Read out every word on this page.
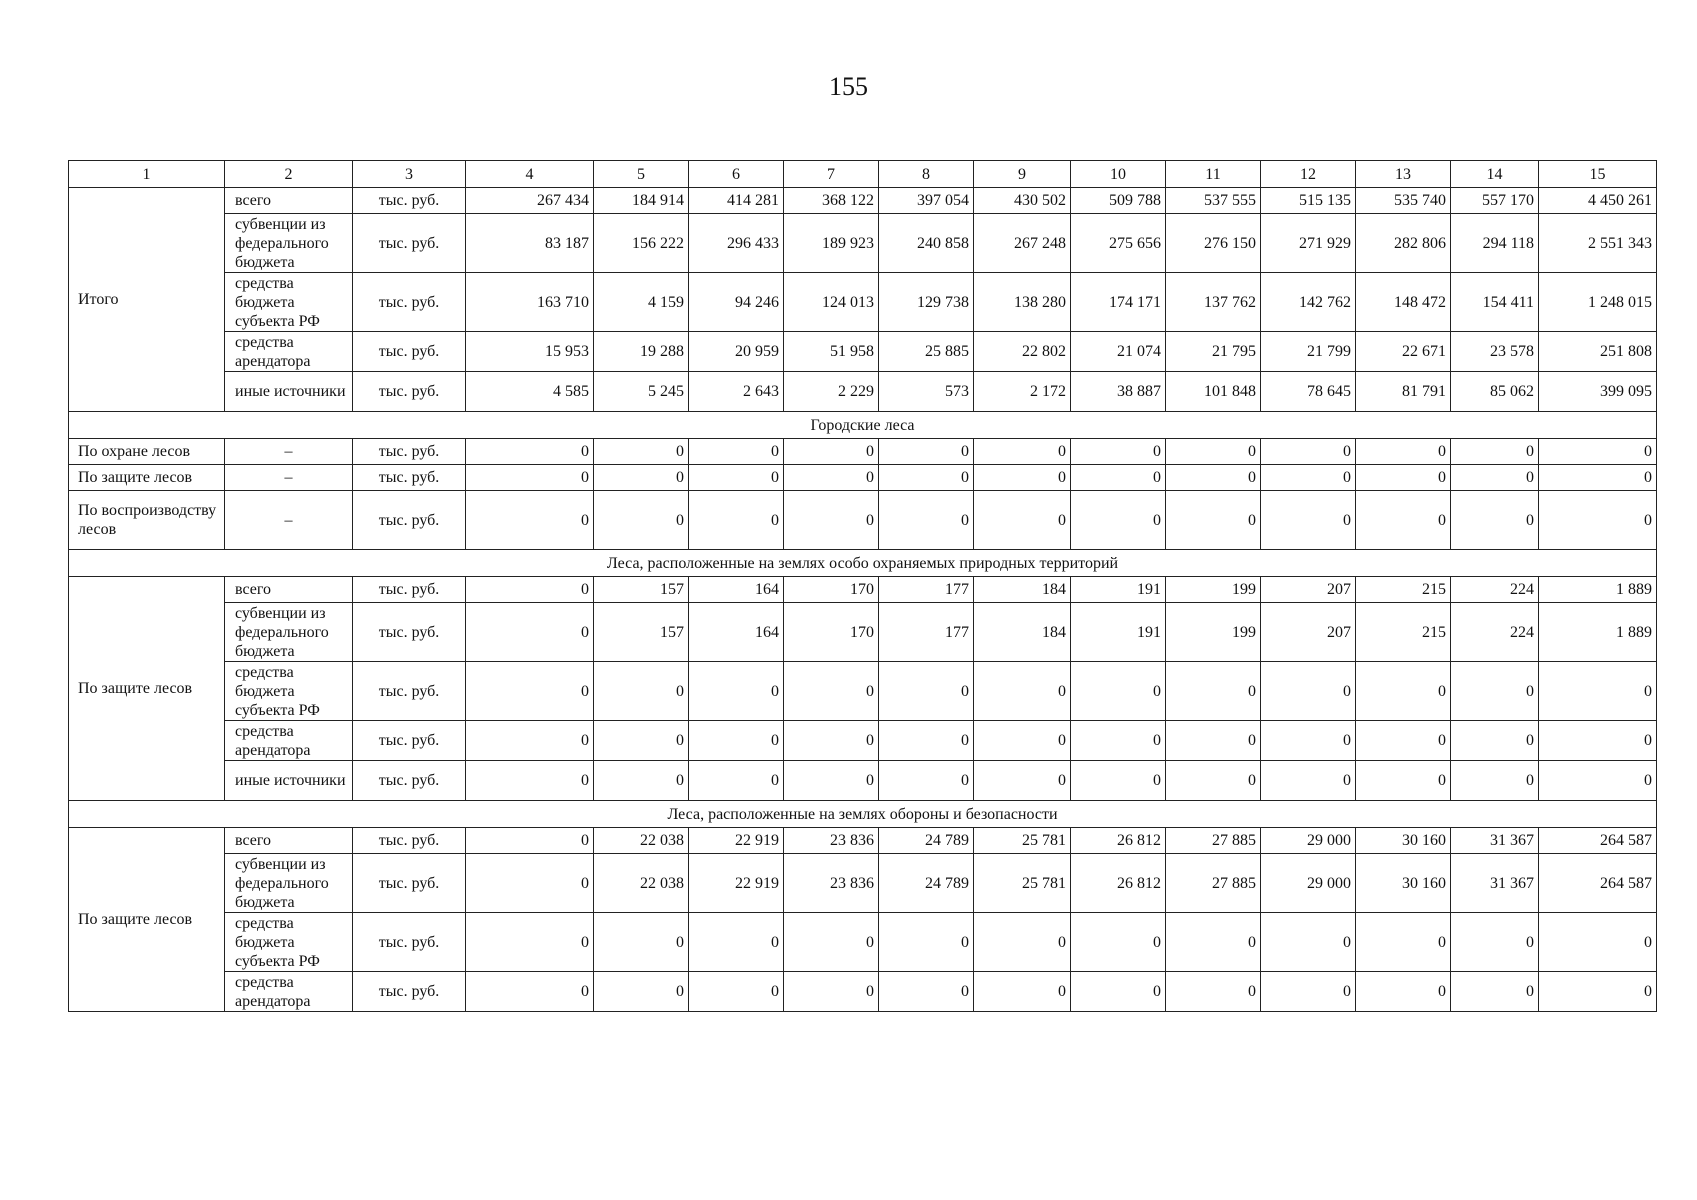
155
1	2	3	4	5	6	7	8	9	10	11	12	13	14	15
Итого	всего	тыс. руб.	267 434	184 914	414 281	368 122	397 054	430 502	509 788	537 555	515 135	535 740	557 170	4 450 261
	субвенции из федерального бюджета	тыс. руб.	83 187	156 222	296 433	189 923	240 858	267 248	275 656	276 150	271 929	282 806	294 118	2 551 343
	средства бюджета субъекта РФ	тыс. руб.	163 710	4 159	94 246	124 013	129 738	138 280	174 171	137 762	142 762	148 472	154 411	1 248 015
	средства арендатора	тыс. руб.	15 953	19 288	20 959	51 958	25 885	22 802	21 074	21 795	21 799	22 671	23 578	251 808
	иные источники	тыс. руб.	4 585	5 245	2 643	2 229	573	2 172	38 887	101 848	78 645	81 791	85 062	399 095
Городские леса														
По охране лесов	–	тыс. руб.	0	0	0	0	0	0	0	0	0	0	0	0
По защите лесов	–	тыс. руб.	0	0	0	0	0	0	0	0	0	0	0	0
По воспроизводству лесов	–	тыс. руб.	0	0	0	0	0	0	0	0	0	0	0	0
Леса, расположенные на землях особо охраняемых природных территорий														
По защите лесов	всего	тыс. руб.	0	157	164	170	177	184	191	199	207	215	224	1 889
	субвенции из федерального бюджета	тыс. руб.	0	157	164	170	177	184	191	199	207	215	224	1 889
	средства бюджета субъекта РФ	тыс. руб.	0	0	0	0	0	0	0	0	0	0	0	0
	средства арендатора	тыс. руб.	0	0	0	0	0	0	0	0	0	0	0	0
	иные источники	тыс. руб.	0	0	0	0	0	0	0	0	0	0	0	0
Леса, расположенные на землях обороны и безопасности														
По защите лесов	всего	тыс. руб.	0	22 038	22 919	23 836	24 789	25 781	26 812	27 885	29 000	30 160	31 367	264 587
	субвенции из федерального бюджета	тыс. руб.	0	22 038	22 919	23 836	24 789	25 781	26 812	27 885	29 000	30 160	31 367	264 587
	средства бюджета субъекта РФ	тыс. руб.	0	0	0	0	0	0	0	0	0	0	0	0
	средства арендатора	тыс. руб.	0	0	0	0	0	0	0	0	0	0	0	0
